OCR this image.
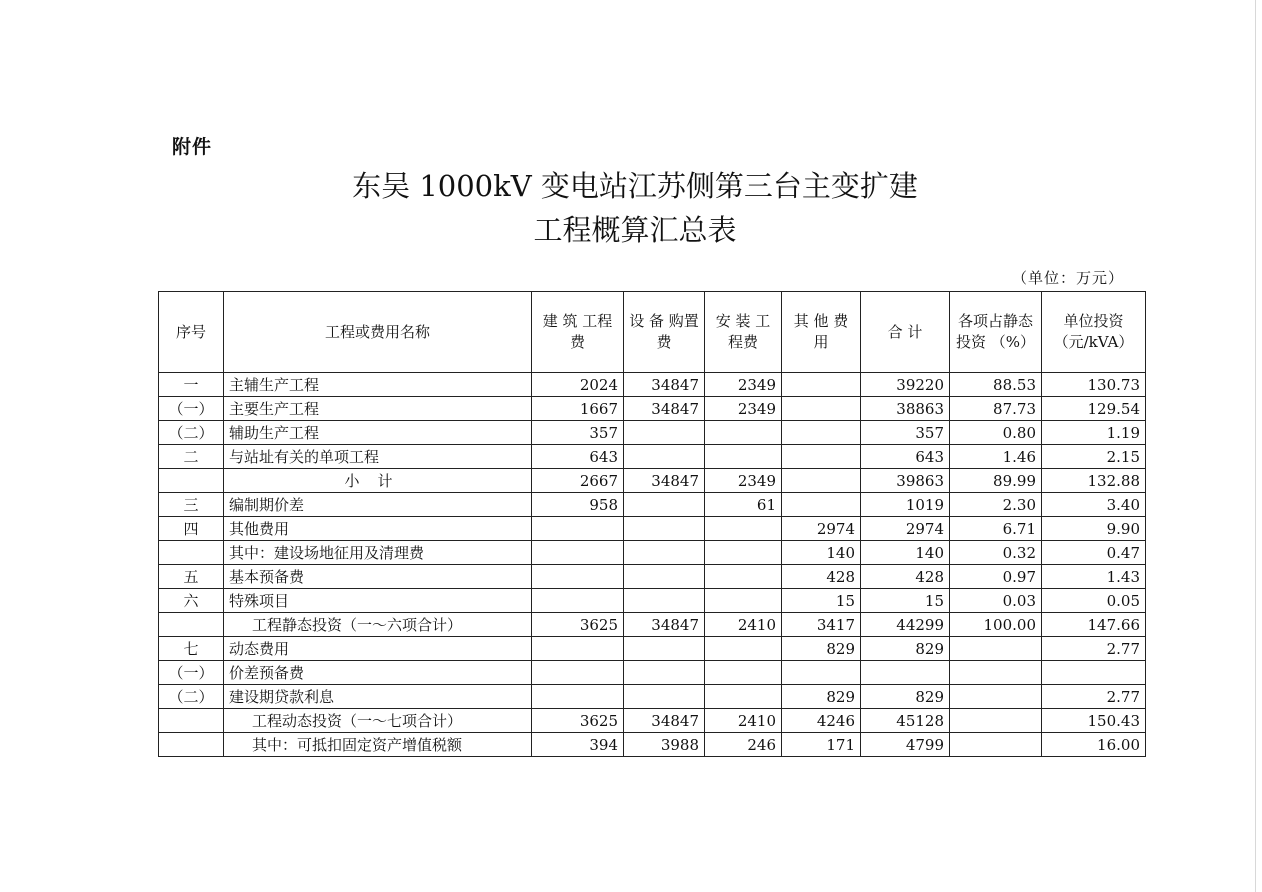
附件
东吴 1000kV 变电站江苏侧第三台主变扩建
工程概算汇总表
（单位：万元）
序号	工程或费用名称	建 筑 工程费	设 备 购置费	安 装 工程费	其 他 费 用	合 计	各项占静态投资 （%）	单位投资 （元/kVA）
一	主辅生产工程	2024	34847	2349		39220	88.53	130.73
（一）	主要生产工程	1667	34847	2349		38863	87.73	129.54
（二）	辅助生产工程	357				357	0.80	1.19
二	与站址有关的单项工程	643				643	1.46	2.15
	小计	2667	34847	2349		39863	89.99	132.88
三	编制期价差	958		61		1019	2.30	3.40
四	其他费用				2974	2974	6.71	9.90
	其中：建设场地征用及清理费				140	140	0.32	0.47
五	基本预备费				428	428	0.97	1.43
六	特殊项目				15	15	0.03	0.05
	工程静态投资（一～六项合计）	3625	34847	2410	3417	44299	100.00	147.66
七	动态费用				829	829		2.77
（一）	价差预备费							
（二）	建设期贷款利息				829	829		2.77
	工程动态投资（一～七项合计）	3625	34847	2410	4246	45128		150.43
	其中：可抵扣固定资产增值税额	394	3988	246	171	4799		16.00
